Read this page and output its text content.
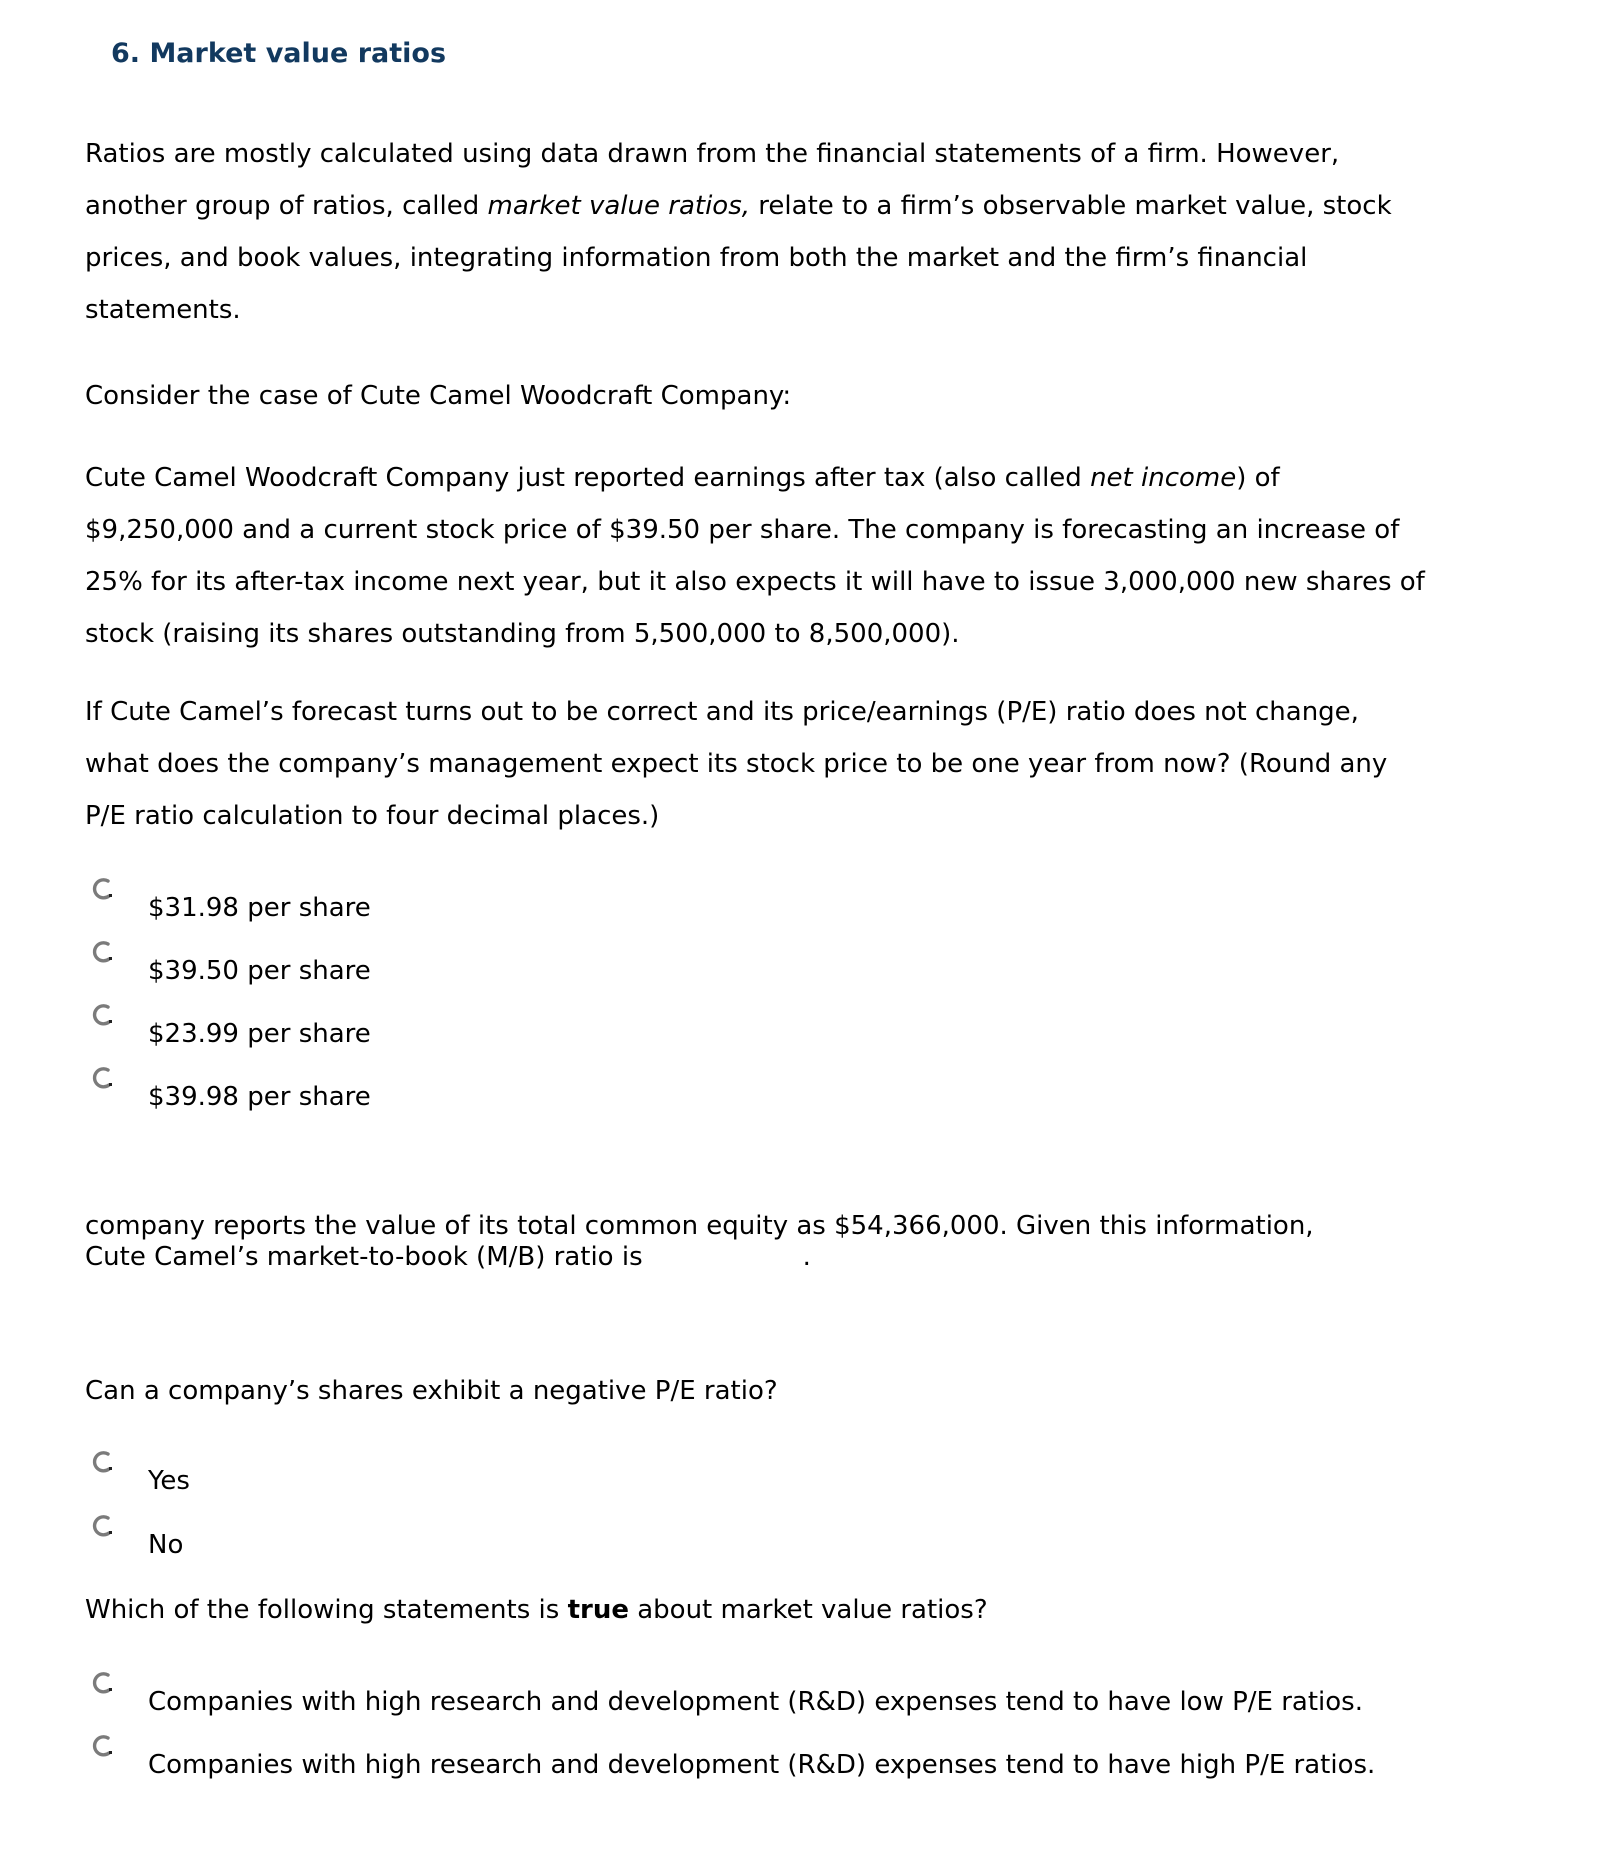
6. Market value ratios

Ratios are mostly calculated using data drawn from the financial statements of a firm. However, another group of ratios, called market value ratios, relate to a firm’s observable market value, stock prices, and book values, integrating information from both the market and the firm’s financial statements.

Consider the case of Cute Camel Woodcraft Company:

Cute Camel Woodcraft Company just reported earnings after tax (also called net income) of $9,250,000 and a current stock price of $39.50 per share. The company is forecasting an increase of 25% for its after-tax income next year, but it also expects it will have to issue 3,000,000 new shares of stock (raising its shares outstanding from 5,500,000 to 8,500,000).

If Cute Camel’s forecast turns out to be correct and its price/earnings (P/E) ratio does not change, what does the company’s management expect its stock price to be one year from now? (Round any P/E ratio calculation to four decimal places.)

$31.98 per share
$39.50 per share
$23.99 per share
$39.98 per share

company reports the value of its total common equity as $54,366,000. Given this information,
Cute Camel’s market-to-book (M/B) ratio is	.

Can a company’s shares exhibit a negative P/E ratio?

Yes
No

Which of the following statements is true about market value ratios?

Companies with high research and development (R&D) expenses tend to have low P/E ratios.
Companies with high research and development (R&D) expenses tend to have high P/E ratios.
